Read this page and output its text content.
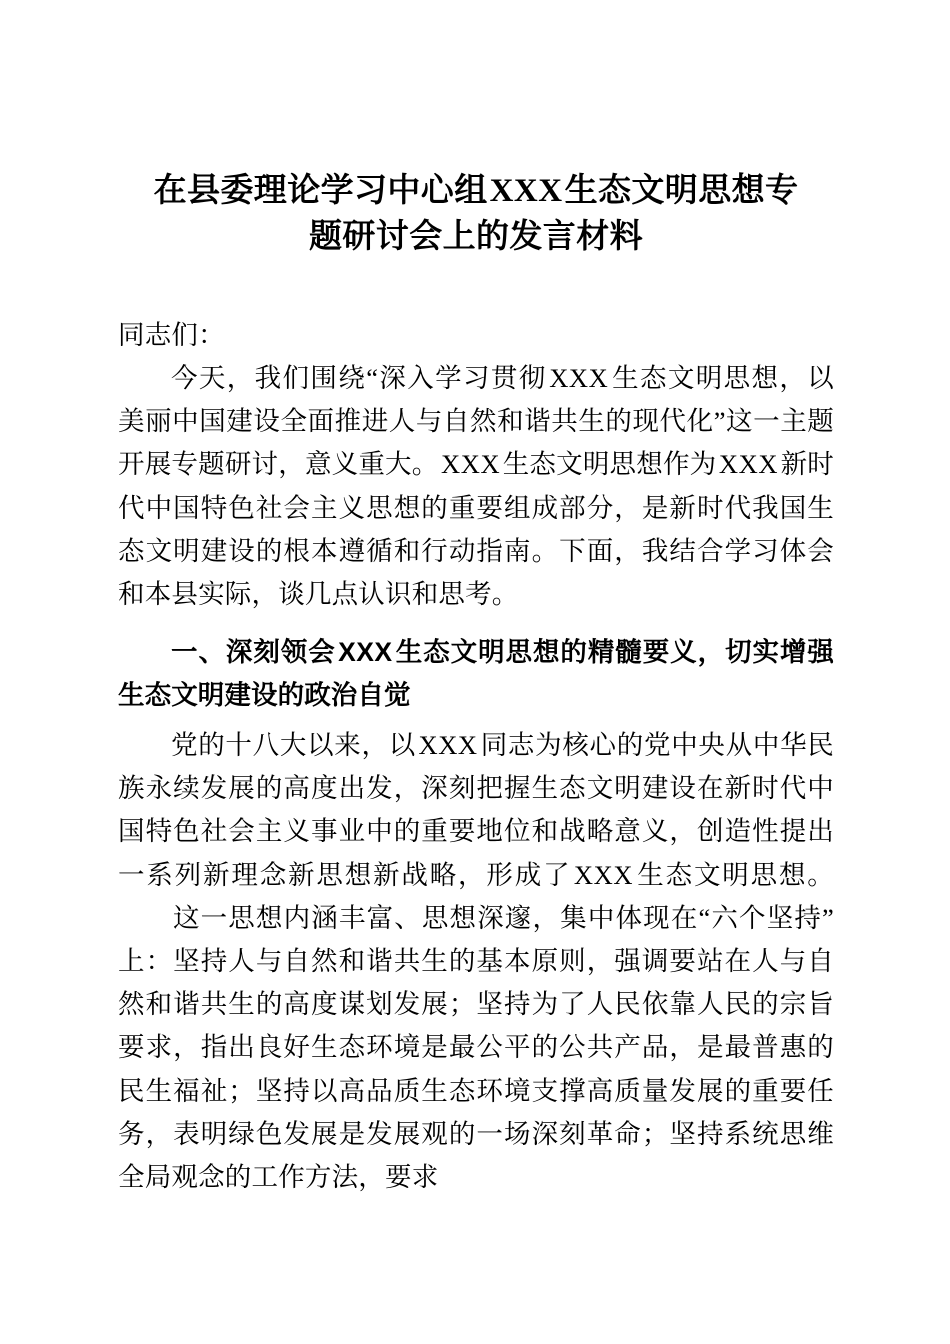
在县委理论学习中心组XXX生态文明思想专
题研讨会上的发言材料

同志们：

今天，我们围绕“深入学习贯彻XXX生态文明思想，以美丽中国建设全面推进人与自然和谐共生的现代化”这一主题开展专题研讨，意义重大。XXX生态文明思想作为XXX新时代中国特色社会主义思想的重要组成部分，是新时代我国生态文明建设的根本遵循和行动指南。下面，我结合学习体会和本县实际，谈几点认识和思考。

一、深刻领会XXX生态文明思想的精髓要义，切实增强生态文明建设的政治自觉

党的十八大以来，以XXX同志为核心的党中央从中华民族永续发展的高度出发，深刻把握生态文明建设在新时代中国特色社会主义事业中的重要地位和战略意义，创造性提出一系列新理念新思想新战略，形成了XXX生态文明思想。这一思想内涵丰富、思想深邃，集中体现在“六个坚持”上：坚持人与自然和谐共生的基本原则，强调要站在人与自然和谐共生的高度谋划发展；坚持为了人民依靠人民的宗旨要求，指出良好生态环境是最公平的公共产品，是最普惠的民生福祉；坚持以高品质生态环境支撑高质量发展的重要任务，表明绿色发展是发展观的一场深刻革命；坚持系统思维全局观念的工作方法，要求
